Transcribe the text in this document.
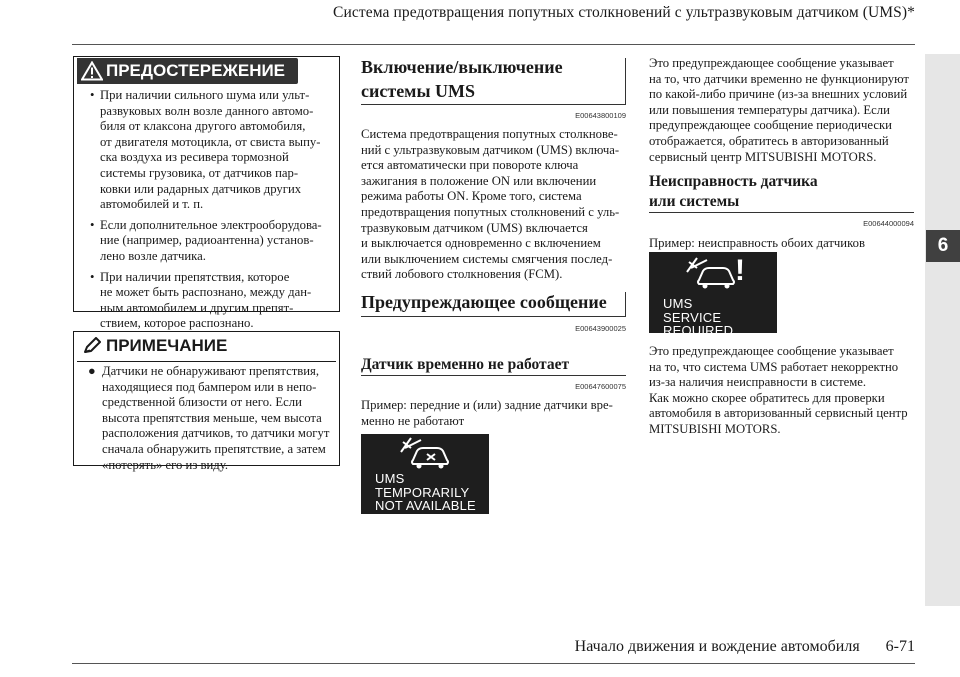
Система предотвращения попутных столкновений с ультразвуковым датчиком (UMS)*
6
ПРЕДОСТЕРЕЖЕНИЕ
• При наличии сильного шума или ульт-
развуковых волн возле данного автомо-
биля от клаксона другого автомобиля,
от двигателя мотоцикла, от свиста выпу-
ска воздуха из ресивера тормозной
системы грузовика, от датчиков пар-
ковки или радарных датчиков других
автомобилей и т. п.
• Если дополнительное электрооборудова-
ние (например, радиоантенна) установ-
лено возле датчика.
• При наличии препятствия, которое
не может быть распознано, между дан-
ным автомобилем и другим препят-
ствием, которое распознано.
ПРИМЕЧАНИЕ
● Датчики не обнаруживают препятствия,
находящиеся под бампером или в непо-
средственной близости от него. Если
высота препятствия меньше, чем высота
расположения датчиков, то датчики могут
сначала обнаружить препятствие, а затем
«потерять» его из виду.
Включение/выключение
системы UMS
E00643800109
Система предотвращения попутных столкнове-
ний с ультразвуковым датчиком (UMS) включа-
ется автоматически при повороте ключа
зажигания в положение ON или включении
режима работы ON. Кроме того, система
предотвращения попутных столкновений с уль-
тразвуковым датчиком (UMS) включается
и выключается одновременно с включением
или выключением системы смягчения послед-
ствий лобового столкновения (FCM).
Предупреждающее сообщение
E00643900025
Датчик временно не работает
E00647600075
Пример: передние и (или) задние датчики вре-
менно не работают
UMS
TEMPORARILY
NOT AVAILABLE
Это предупреждающее сообщение указывает
на то, что датчики временно не функционируют
по какой-либо причине (из-за внешних условий
или повышения температуры датчика). Если
предупреждающее сообщение периодически
отображается, обратитесь в авторизованный
сервисный центр MITSUBISHI MOTORS.
Неисправность датчика
или системы
E00644000094
Пример: неисправность обоих датчиков
!
UMS
SERVICE REQUIRED
Это предупреждающее сообщение указывает
на то, что система UMS работает некорректно
из-за наличия неисправности в системе.
Как можно скорее обратитесь для проверки
автомобиля в авторизованный сервисный центр
MITSUBISHI MOTORS.
Начало движения и вождение автомобиля 6-71
